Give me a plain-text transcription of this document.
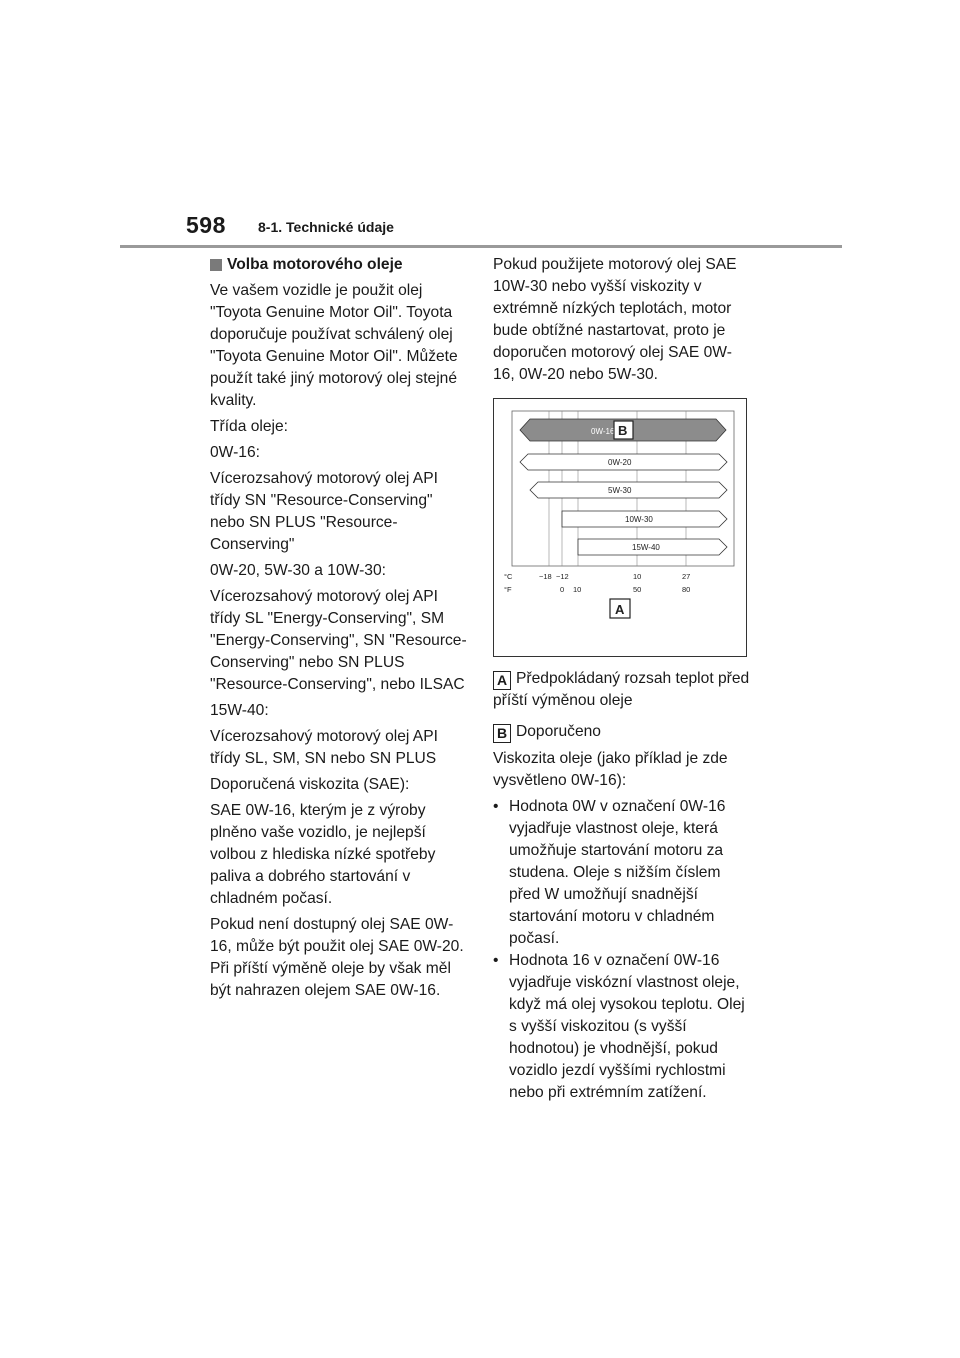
598 8-1. Technické údaje

Volba motorového oleje

Ve vašem vozidle je použit olej "Toyota Genuine Motor Oil". Toyota doporučuje používat schválený olej "Toyota Genuine Motor Oil". Můžete použít také jiný motorový olej stejné kvality.

Třída oleje:

0W-16:

Vícerozsahový motorový olej API třídy SN "Resource-Conserving" nebo SN PLUS "Resource-Conserving"

0W-20, 5W-30 a 10W-30:

Vícerozsahový motorový olej API třídy SL "Energy-Conserving", SM "Energy-Conserving", SN "Resource-Conserving" nebo SN PLUS "Resource-Conserving", nebo ILSAC

15W-40:

Vícerozsahový motorový olej API třídy SL, SM, SN nebo SN PLUS

Doporučená viskozita (SAE):

SAE 0W-16, kterým je z výroby plněno vaše vozidlo, je nejlepší volbou z hlediska nízké spotřeby paliva a dobrého startování v chladném počasí.

Pokud není dostupný olej SAE 0W-16, může být použit olej SAE 0W-20. Při příští výměně oleje by však měl být nahrazen olejem SAE 0W-16.

Pokud použijete motorový olej SAE 10W-30 nebo vyšší viskozity v extrémně nízkých teplotách, motor bude obtížné nastartovat, proto je doporučen motorový olej SAE 0W-16, 0W-20 nebo 5W-30.

0W-16 B
0W-20
5W-30
10W-30
15W-40
°C
°F
−18 −12	10	27
0 10	50	80
A
A Předpokládaný rozsah teplot před příští výměnou oleje
B Doporučeno

Viskozita oleje (jako příklad je zde vysvětleno 0W-16):

• Hodnota 0W v označení 0W-16 vyjadřuje vlastnost oleje, která umožňuje startování motoru za studena. Oleje s nižším číslem před W umožňují snadnější startování motoru v chladném počasí.
• Hodnota 16 v označení 0W-16 vyjadřuje viskózní vlastnost oleje, když má olej vysokou teplotu. Olej s vyšší viskozitou (s vyšší hodnotou) je vhodnější, pokud vozidlo jezdí vyššími rychlostmi nebo při extrémním zatížení.
